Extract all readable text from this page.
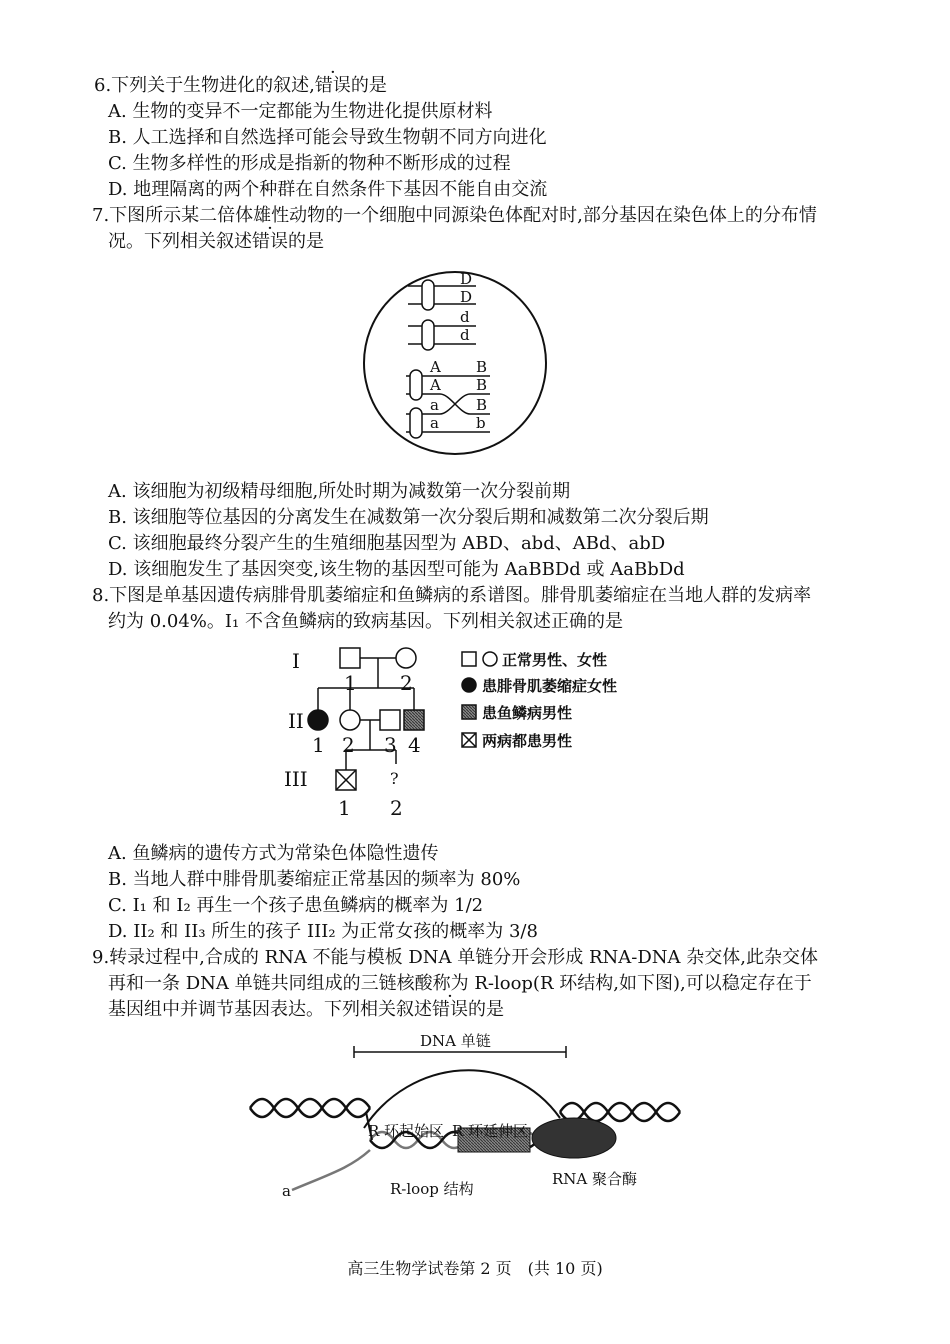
6.下列关于生物进化的叙述,错误的是
A. 生物的变异不一定都能为生物进化提供原材料
B. 人工选择和自然选择可能会导致生物朝不同方向进化
C. 生物多样性的形成是指新的物种不断形成的过程
D. 地理隔离的两个种群在自然条件下基因不能自由交流
7.下图所示某二倍体雄性动物的一个细胞中同源染色体配对时,部分基因在染色体上的分布情
况。下列相关叙述错误的是
D
D
d
d
A
A
a
a
B
B
B
b
A. 该细胞为初级精母细胞,所处时期为减数第一次分裂前期
B. 该细胞等位基因的分离发生在减数第一次分裂后期和减数第二次分裂后期
C. 该细胞最终分裂产生的生殖细胞基因型为 ABD、abd、ABd、abD
D. 该细胞发生了基因突变,该生物的基因型可能为 AaBBDd 或 AaBbDd
8.下图是单基因遗传病腓骨肌萎缩症和鱼鳞病的系谱图。腓骨肌萎缩症在当地人群的发病率
约为 0.04%。I₁ 不含鱼鳞病的致病基因。下列相关叙述正确的是
I
II
III
1 2
1 2 3 4
?
1 2
正常男性、女性
患腓骨肌萎缩症女性
患鱼鳞病男性
两病都患男性
A. 鱼鳞病的遗传方式为常染色体隐性遗传
B. 当地人群中腓骨肌萎缩症正常基因的频率为 80%
C. I₁ 和 I₂ 再生一个孩子患鱼鳞病的概率为 1/2
D. II₂ 和 II₃ 所生的孩子 III₂ 为正常女孩的概率为 3/8
9.转录过程中,合成的 RNA 不能与模板 DNA 单链分开会形成 RNA-DNA 杂交体,此杂交体
再和一条 DNA 单链共同组成的三链核酸称为 R-loop(R 环结构,如下图),可以稳定存在于
基因组中并调节基因表达。下列相关叙述错误的是
DNA 单链
R 环起始区 R 环延伸区
RNA 聚合酶
R-loop 结构
a
高三生物学试卷第 2 页　(共 10 页)
